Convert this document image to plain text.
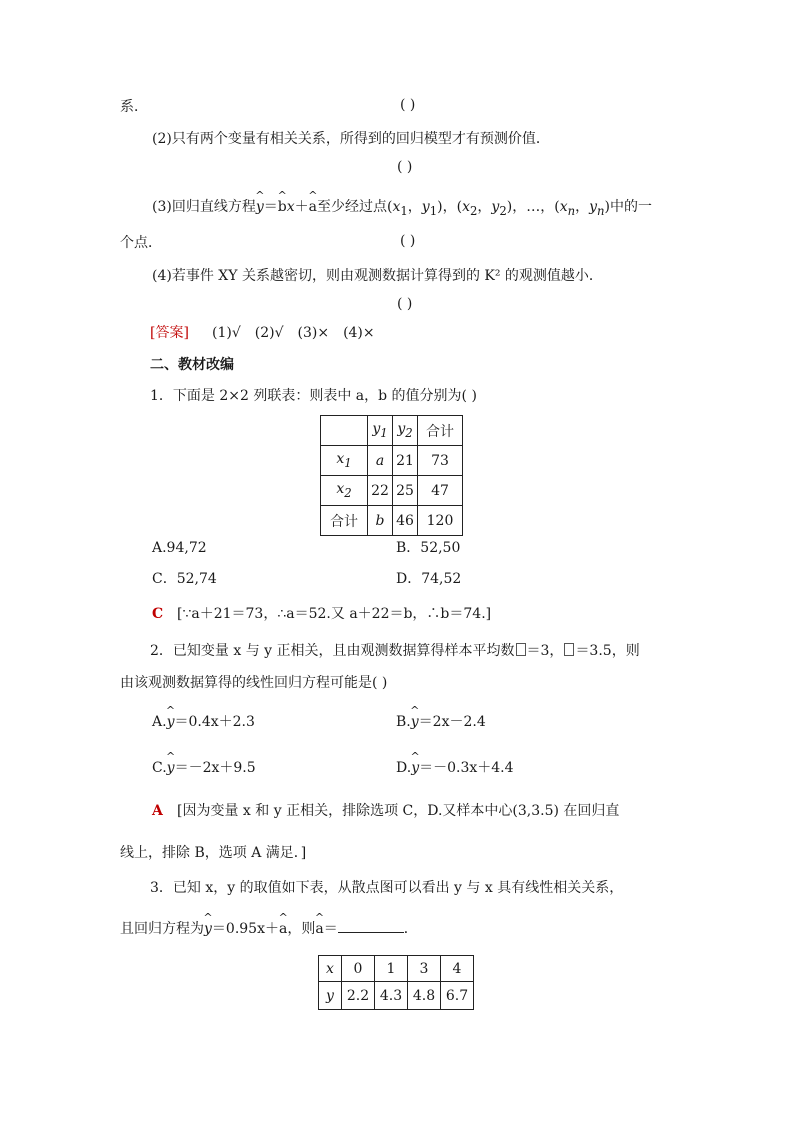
系．	( )
(2)只有两个变量有相关关系，所得到的回归模型才有预测价值．
( )
(3)回归直线方程^ y＝^ bx＋^ a至少经过点($x_1$，$y_1$)，($x_2$，$y_2$)，…，($x_n$，$y_n$)中的一
个点．	( )
(4)若事件 XY 关系越密切，则由观测数据计算得到的 K² 的观测值越小．
( )
[答案] (1)√　(2)√　(3)×　(4)×
二、教材改编
1．下面是 2×2 列联表：则表中 a，b 的值分别为( )
	$y_1$	$y_2$	合计
$x_1$	a	21	73
$x_2$	22	25	47
合计	b	46	120
A.94,72	B．52,50
C．52,74	D．74,52
C [∵a＋21＝73，∴a＝52.又 a＋22＝b，∴b＝74.]
2．已知变量 x 与 y 正相关，且由观测数据算得样本平均数 ＝3， ＝3.5，则
由该观测数据算得的线性回归方程可能是( )
A.^ y＝0.4x＋2.3	B.^ y＝2x－2.4
C.^ y＝－2x＋9.5	D.^ y＝－0.3x＋4.4
A [因为变量 x 和 y 正相关，排除选项 C，D.又样本中心(3,3.5) 在回归直
线上，排除 B，选项 A 满足．]
3．已知 x，y 的取值如下表，从散点图可以看出 y 与 x 具有线性相关关系，
且回归方程为^ y＝0.95x＋^ a，则^ a＝	．
x	0	1	3	4
y	2.2	4.3	4.8	6.7
